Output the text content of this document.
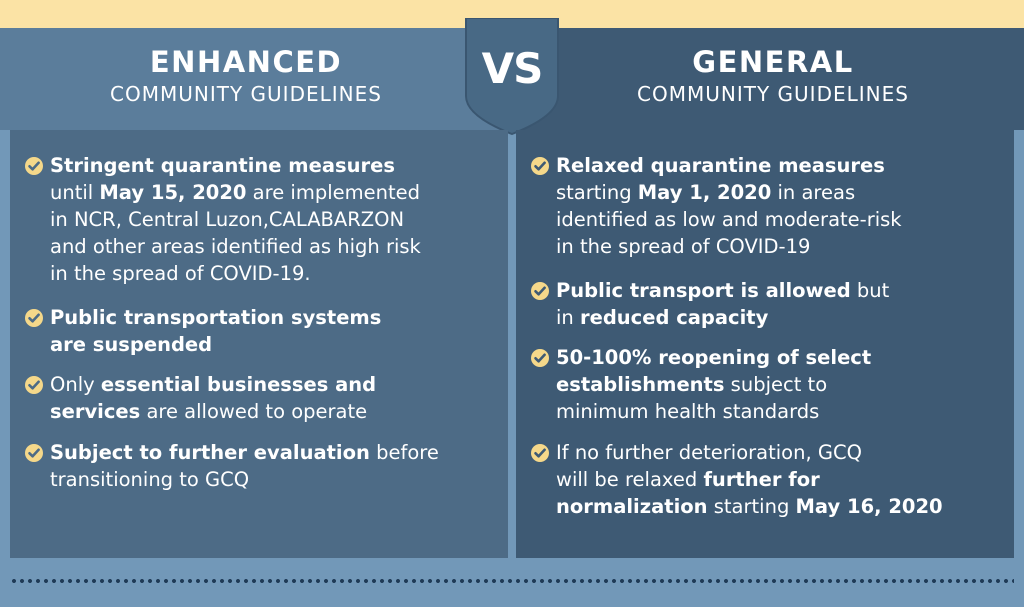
ENHANCED
COMMUNITY GUIDELINES
GENERAL
COMMUNITY GUIDELINES
VS
Stringent quarantine measures
until May 15, 2020 are implemented
in NCR, Central Luzon,CALABARZON
and other areas identified as high risk
in the spread of COVID-19.
Public transportation systems
are suspended
Only essential businesses and
services are allowed to operate
Subject to further evaluation before
transitioning to GCQ
Relaxed quarantine measures
starting May 1, 2020 in areas
identified as low and moderate-risk
in the spread of COVID-19
Public transport is allowed but
in reduced capacity
50-100% reopening of select
establishments subject to
minimum health standards
If no further deterioration, GCQ
will be relaxed further for
normalization starting May 16, 2020
